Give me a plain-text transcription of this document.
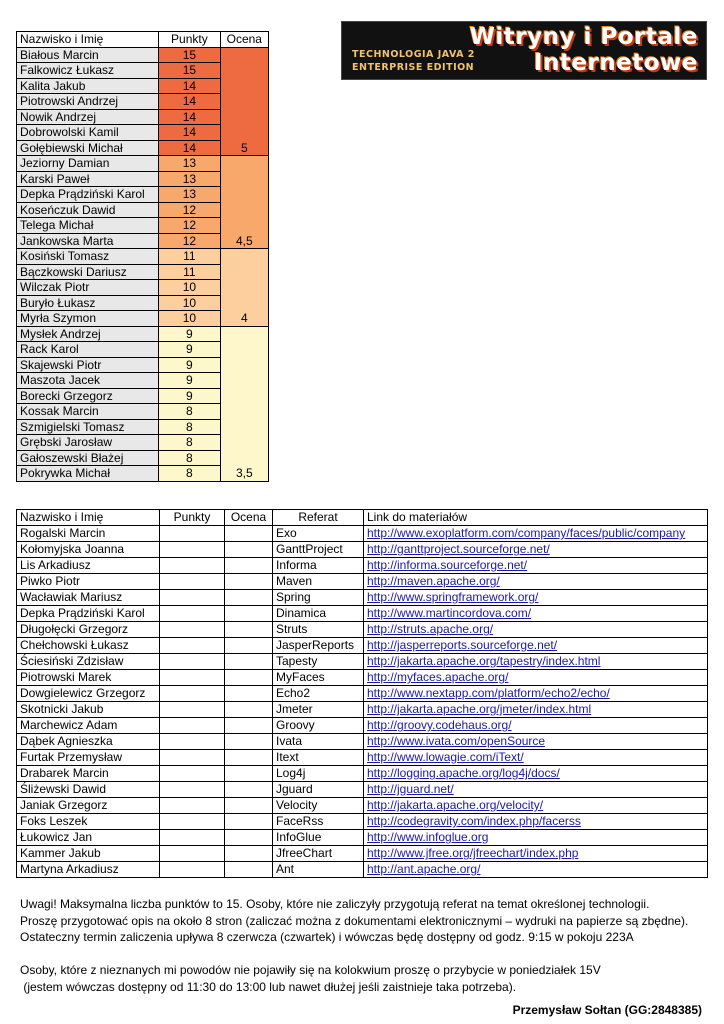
Witryny i Portale
Internetowe
TECHNOLOGIA JAVA 2
ENTERPRISE EDITION
Nazwisko i Imię	Punkty	Ocena
Białous Marcin	15	5
Falkowicz Łukasz	15	
Kalita Jakub	14	
Piotrowski Andrzej	14	
Nowik Andrzej	14	
Dobrowolski Kamil	14	
Gołębiewski Michał	14	
Jeziorny Damian	13	4,5
Karski Paweł	13	
Depka Prądziński Karol	13	
Koseńczuk Dawid	12	
Telega Michał	12	
Jankowska Marta	12	
Kosiński Tomasz	11	4
Bączkowski Dariusz	11	
Wilczak Piotr	10	
Buryło Łukasz	10	
Myrła Szymon	10	
Mysłek Andrzej	9	3,5
Rack Karol	9	
Skajewski Piotr	9	
Maszota Jacek	9	
Borecki Grzegorz	9	
Kossak Marcin	8	
Szmigielski Tomasz	8	
Grębski Jarosław	8	
Gałoszewski Błażej	8	
Pokrywka Michał	8	
Nazwisko i Imię	Punkty	Ocena	Referat	Link do materiałów
Rogalski Marcin			Exo	http://www.exoplatform.com/company/faces/public/company
Kołomyjska Joanna			GanttProject	http://ganttproject.sourceforge.net/
Lis Arkadiusz			Informa	http://informa.sourceforge.net/
Piwko Piotr			Maven	http://maven.apache.org/
Wacławiak Mariusz			Spring	http://www.springframework.org/
Depka Prądziński Karol			Dinamica	http://www.martincordova.com/
Długołęcki Grzegorz			Struts	http://struts.apache.org/
Chełchowski Łukasz			JasperReports	http://jasperreports.sourceforge.net/
Ściesiński Zdzisław			Tapesty	http://jakarta.apache.org/tapestry/index.html
Piotrowski Marek			MyFaces	http://myfaces.apache.org/
Dowgielewicz Grzegorz			Echo2	http://www.nextapp.com/platform/echo2/echo/
Skotnicki Jakub			Jmeter	http://jakarta.apache.org/jmeter/index.html
Marchewicz Adam			Groovy	http://groovy.codehaus.org/
Dąbek Agnieszka			Ivata	http://www.ivata.com/openSource
Furtak Przemysław			Itext	http://www.lowagie.com/iText/
Drabarek Marcin			Log4j	http://logging.apache.org/log4j/docs/
Śliżewski Dawid			Jguard	http://jguard.net/
Janiak Grzegorz			Velocity	http://jakarta.apache.org/velocity/
Foks Leszek			FaceRss	http://codegravity.com/index.php/facerss
Łukowicz Jan			InfoGlue	http://www.infoglue.org
Kammer Jakub			JfreeChart	http://www.jfree.org/jfreechart/index.php
Martyna Arkadiusz			Ant	http://ant.apache.org/

Uwagi! Maksymalna liczba punktów to 15. Osoby, które nie zaliczyły przygotują referat na temat określonej technologii.

Proszę przygotować opis na około 8 stron (zaliczać można z dokumentami elektronicznymi – wydruki na papierze są zbędne).

Ostateczny termin zaliczenia upływa 8 czerwcza (czwartek) i wówczas będę dostępny od godz. 9:15 w pokoju 223A

Osoby, które z nieznanych mi powodów nie pojawiły się na kolokwium proszę o przybycie w poniedziałek 15V

(jestem wówczas dostępny od 11:30 do 13:00 lub nawet dłużej jeśli zaistnieje taka potrzeba).

Przemysław Sołtan (GG:2848385)
